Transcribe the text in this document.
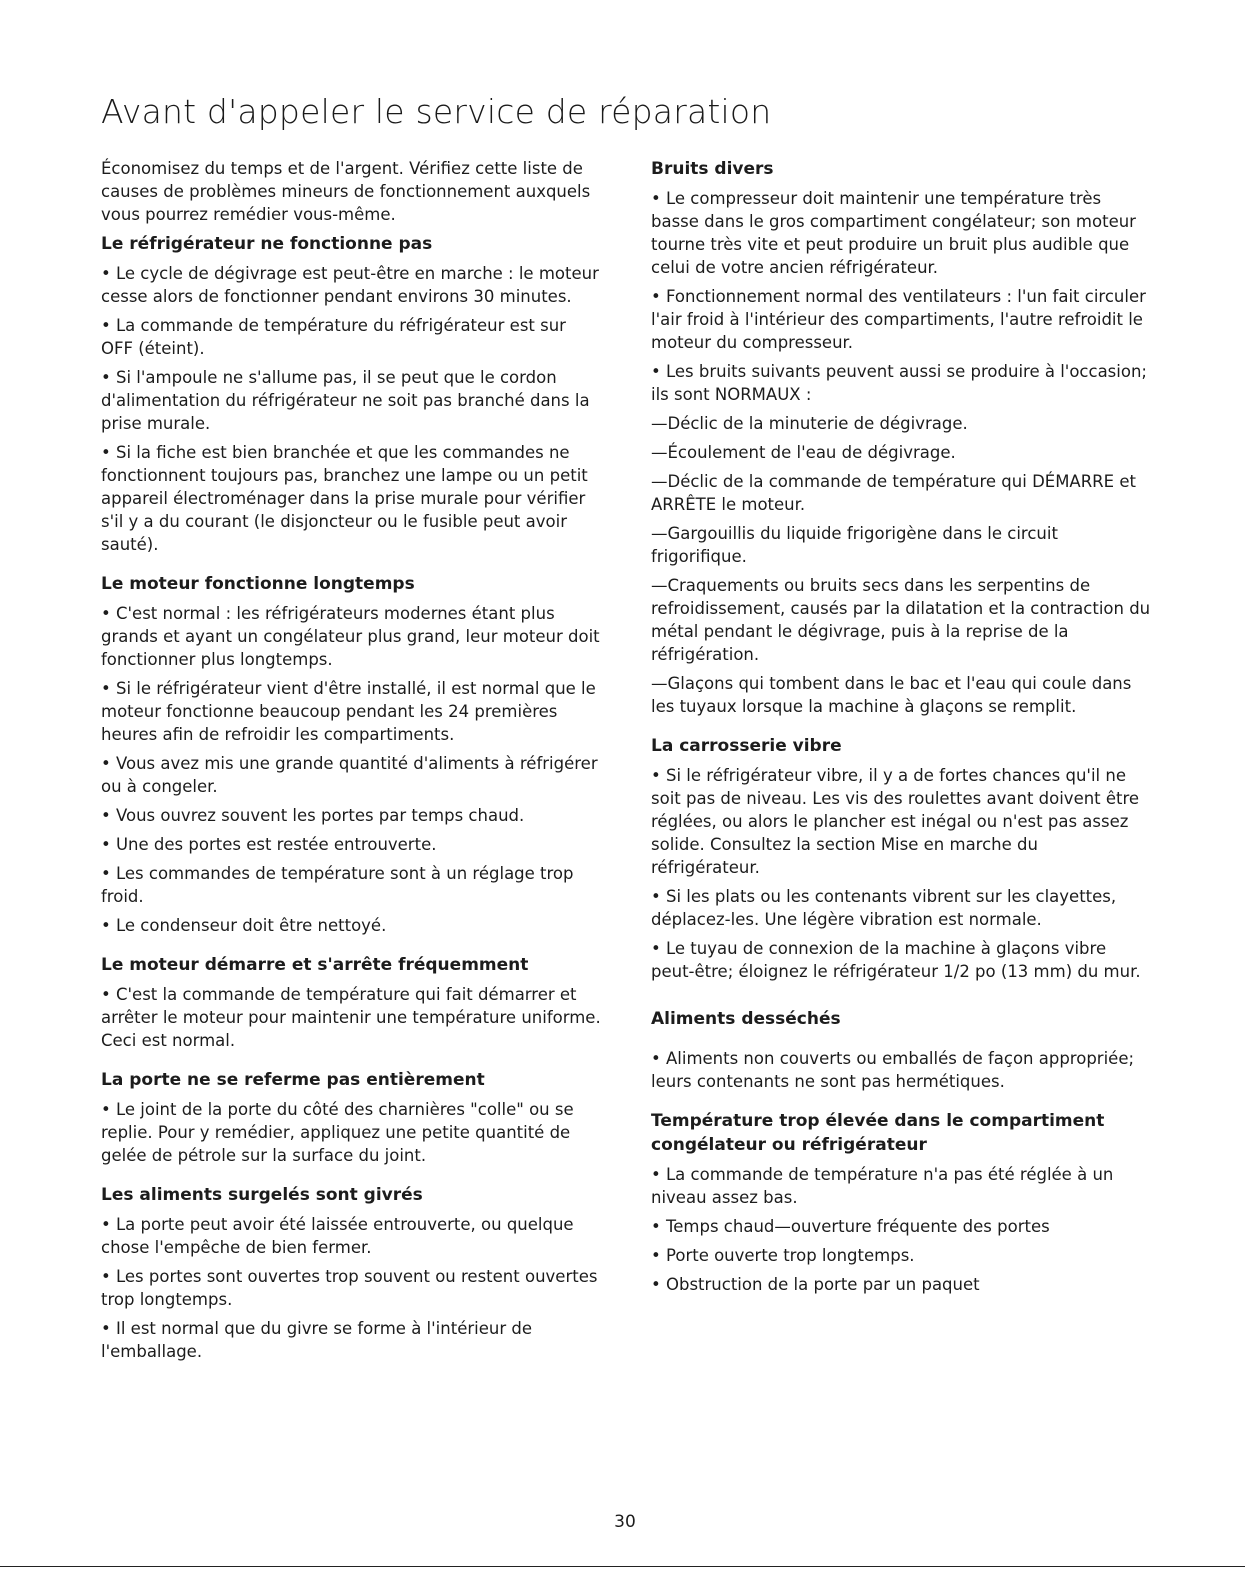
Avant d'appeler le service de réparation

Économisez du temps et de l'argent. Vérifiez cette liste de causes de problèmes mineurs de fonctionnement auxquels vous pourrez remédier vous-même.

Le réfrigérateur ne fonctionne pas

• Le cycle de dégivrage est peut-être en marche : le moteur cesse alors de fonctionner pendant environs 30 minutes.

• La commande de température du réfrigérateur est sur OFF (éteint).

• Si l'ampoule ne s'allume pas, il se peut que le cordon d'alimentation du réfrigérateur ne soit pas branché dans la prise murale.

• Si la fiche est bien branchée et que les commandes ne fonctionnent toujours pas, branchez une lampe ou un petit appareil électroménager dans la prise murale pour vérifier s'il y a du courant (le disjoncteur ou le fusible peut avoir sauté).

Le moteur fonctionne longtemps

• C'est normal : les réfrigérateurs modernes étant plus grands et ayant un congélateur plus grand, leur moteur doit fonctionner plus longtemps.

• Si le réfrigérateur vient d'être installé, il est normal que le moteur fonctionne beaucoup pendant les 24 premières heures afin de refroidir les compartiments.

• Vous avez mis une grande quantité d'aliments à réfrigérer ou à congeler.

• Vous ouvrez souvent les portes par temps chaud.

• Une des portes est restée entrouverte.

• Les commandes de température sont à un réglage trop froid.

• Le condenseur doit être nettoyé.

Le moteur démarre et s'arrête fréquemment

• C'est la commande de température qui fait démarrer et arrêter le moteur pour maintenir une température uniforme. Ceci est normal.

La porte ne se referme pas entièrement

• Le joint de la porte du côté des charnières "colle" ou se replie. Pour y remédier, appliquez une petite quantité de gelée de pétrole sur la surface du joint.

Les aliments surgelés sont givrés

• La porte peut avoir été laissée entrouverte, ou quelque chose l'empêche de bien fermer.

• Les portes sont ouvertes trop souvent ou restent ouvertes trop longtemps.

• Il est normal que du givre se forme à l'intérieur de l'emballage.

Bruits divers

• Le compresseur doit maintenir une température très basse dans le gros compartiment congélateur; son moteur tourne très vite et peut produire un bruit plus audible que celui de votre ancien réfrigérateur.

• Fonctionnement normal des ventilateurs : l'un fait circuler l'air froid à l'intérieur des compartiments, l'autre refroidit le moteur du compresseur.

• Les bruits suivants peuvent aussi se produire à l'occasion; ils sont NORMAUX :

—Déclic de la minuterie de dégivrage.

—Écoulement de l'eau de dégivrage.

—Déclic de la commande de température qui DÉMARRE et ARRÊTE le moteur.

—Gargouillis du liquide frigorigène dans le circuit frigorifique.

—Craquements ou bruits secs dans les serpentins de refroidissement, causés par la dilatation et la contraction du métal pendant le dégivrage, puis à la reprise de la réfrigération.

—Glaçons qui tombent dans le bac et l'eau qui coule dans les tuyaux lorsque la machine à glaçons se remplit.

La carrosserie vibre

• Si le réfrigérateur vibre, il y a de fortes chances qu'il ne soit pas de niveau. Les vis des roulettes avant doivent être réglées, ou alors le plancher est inégal ou n'est pas assez solide. Consultez la section Mise en marche du réfrigérateur.

• Si les plats ou les contenants vibrent sur les clayettes, déplacez-les. Une légère vibration est normale.

• Le tuyau de connexion de la machine à glaçons vibre peut-être; éloignez le réfrigérateur 1/2 po (13 mm) du mur.

Aliments desséchés

• Aliments non couverts ou emballés de façon appropriée; leurs contenants ne sont pas hermétiques.

Température trop élevée dans le compartiment congélateur ou réfrigérateur

• La commande de température n'a pas été réglée à un niveau assez bas.

• Temps chaud—ouverture fréquente des portes

• Porte ouverte trop longtemps.

• Obstruction de la porte par un paquet

30
